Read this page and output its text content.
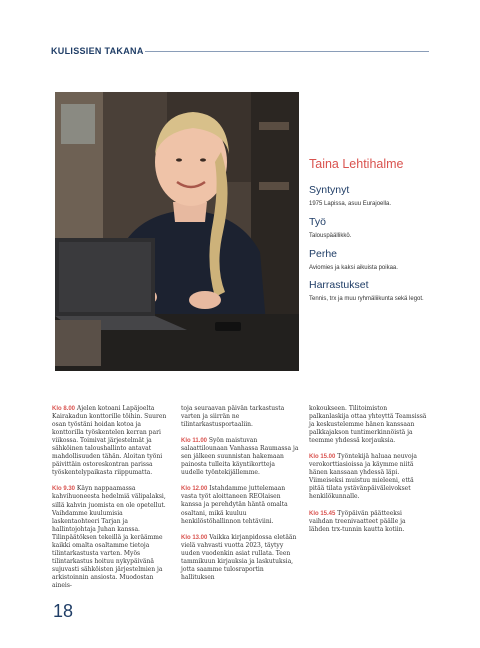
KULISSIEN TAKANA
Taina Lehtihalme

Syntynyt

1975 Lapissa, asuu Eurajoella.

Työ

Talouspäällikkö.

Perhe

Aviomies ja kaksi aikuista poikaa.

Harrastukset

Tennis, trx ja muu ryhmäliikunta sekä legot.

Klo 8.00 Ajelen kotoani Lapäjoelta Kairakadun konttorille töihin. Suuren osan työstäni hoidan kotoa ja konttorilla työskentelen kerran pari viikossa. Toimivat järjestelmät ja sähköinen taloushallinto antavat mahdollisuuden tähän. Aloitan työni päivittäin ostoreskontran parissa työskentelypaikasta riippumatta.

Klo 9.30 Käyn nappaamassa kahvihuoneesta hedelmiä välipalaksi, sillä kahvin juomista en ole opetellut. Vaihdamme kuulumisia laskentaohteeri Tarjan ja hallintojohtaja Juhan kanssa. Tilinpäätöksen tekeillä ja keräämme kaikki omalta osaltamme tietoja tilintarkastusta varten. Myös tilintarkastus hoituu nykypäivänä sujuvasti sähköisten järjestelmien ja arkistoinnin ansiosta. Muodostan aineis-

toja seuraavan päivän tarkastusta varten ja siirrän ne tilintarkastusportaaliin.

Klo 11.00 Syön maistuvan salaattilounaan Vanhassa Raumassa ja sen jälkeen suunnistan hakemaan painosta tulleita käyntikortteja uudelle työntekijällemme.

Klo 12.00 Istahdamme juttelemaan vasta työt aloittaneen REOlaisen kanssa ja perehdytän häntä omalta osaltani, mikä kuuluu henkilöstöhallinnon tehtäviini.

Klo 13.00 Vaikka kirjanpidossa eletään vielä vahvasti vuotta 2023, täytyy uuden vuodenkin asiat rullata. Teen tammikuun kirjauksia ja laskutuksia, jotta saamme tulosraportin hallituksen

kokoukseen. Tilitoimiston palkanlaskija ottaa yhteyttä Teamsissä ja keskustelemme hänen kanssaan palkkajakson tuntimerkinnöistä ja teemme yhdessä korjauksia.

Klo 15.00 Työntekijä haluaa neuvoja verokorttiasioissa ja käymme niitä hänen kanssaan yhdessä läpi. Viimeiseksi muistuu mieleeni, että pitää tilata ystävänpäiväleivokset henkilökunnalle.

Klo 15.45 Työpäivän päätteeksi vaihdan treenivaatteet päälle ja lähden trx-tunnin kautta kotiin.

18
